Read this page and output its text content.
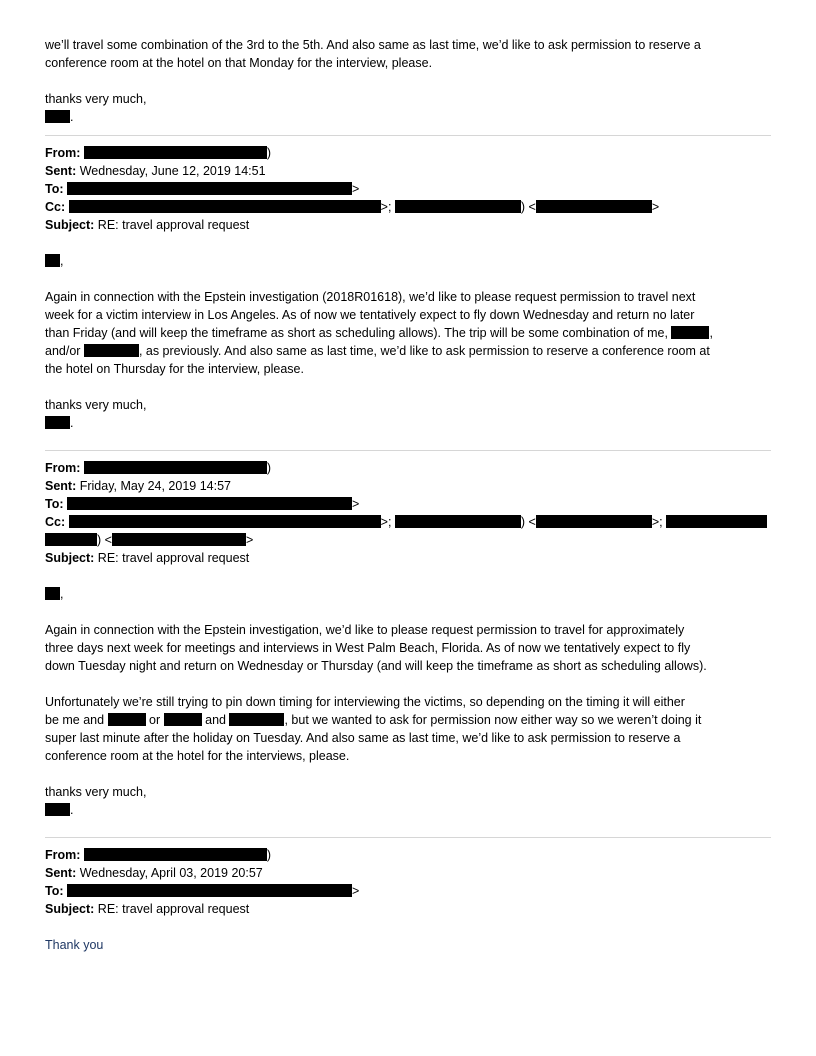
we’ll travel some combination of the 3rd to the 5th. And also same as last time, we’d like to ask permission to reserve a

conference room at the hotel on that Monday for the interview, please.

thanks very much,

.

From:	)

Sent: Wednesday, June 12, 2019 14:51

To:	>

Cc:	>;	) <	>

Subject: RE: travel approval request

,

Again in connection with the Epstein investigation (2018R01618), we’d like to please request permission to travel next

week for a victim interview in Los Angeles. As of now we tentatively expect to fly down Wednesday and return no later

than Friday (and will keep the timeframe as short as scheduling allows). The trip will be some combination of me,	,

and/or	, as previously. And also same as last time, we’d like to ask permission to reserve a conference room at

the hotel on Thursday for the interview, please.

thanks very much,

.

From:	)

Sent: Friday, May 24, 2019 14:57

To:	>

Cc:	>;	) <	>;

) <	>

Subject: RE: travel approval request

,

Again in connection with the Epstein investigation, we’d like to please request permission to travel for approximately

three days next week for meetings and interviews in West Palm Beach, Florida. As of now we tentatively expect to fly

down Tuesday night and return on Wednesday or Thursday (and will keep the timeframe as short as scheduling allows).

Unfortunately we’re still trying to pin down timing for interviewing the victims, so depending on the timing it will either

be me and	or	and	, but we wanted to ask for permission now either way so we weren’t doing it

super last minute after the holiday on Tuesday. And also same as last time, we’d like to ask permission to reserve a

conference room at the hotel for the interviews, please.

thanks very much,

.

From:	)

Sent: Wednesday, April 03, 2019 20:57

To:	>

Subject: RE: travel approval request

Thank you
